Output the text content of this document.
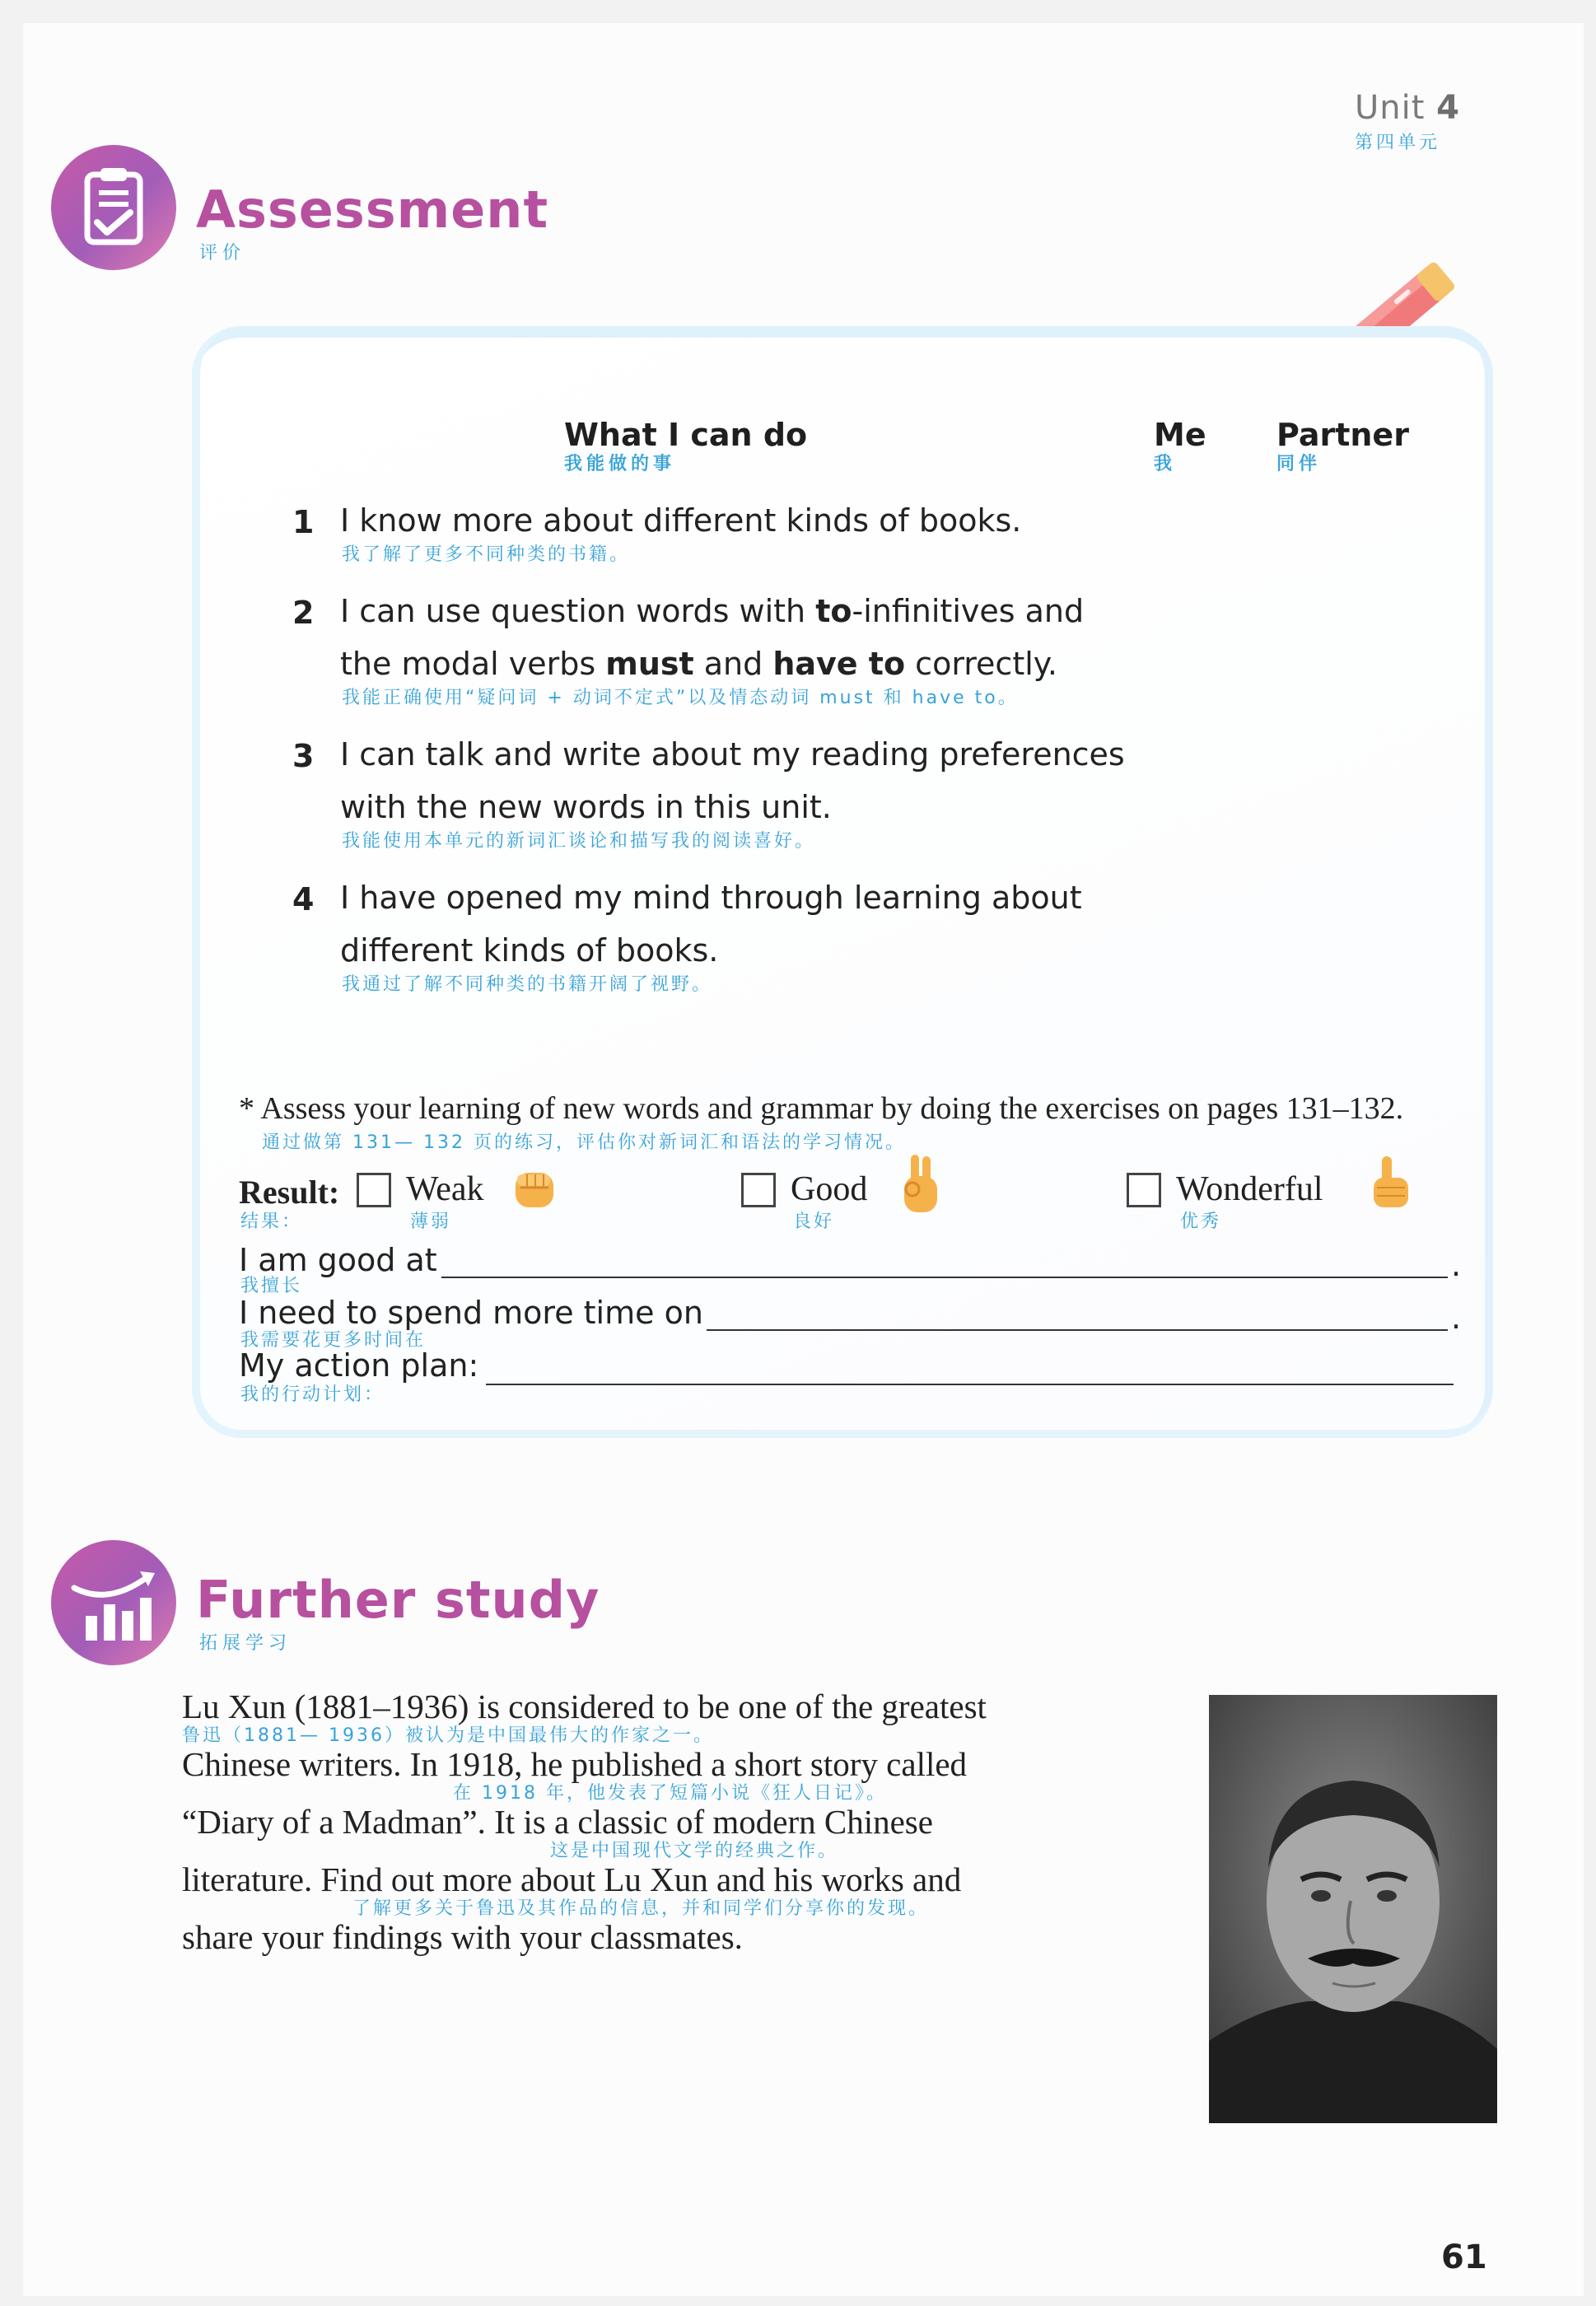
Unit 4
第四单元
Assessment
评价
What I can do
我能做的事
Me
我
Partner
同伴
1 I know more about different kinds of books.
我了解了更多不同种类的书籍。
2 I can use question words with to-infinitives and
the modal verbs must and have to correctly.
我能正确使用“疑问词 + 动词不定式”以及情态动词 must 和 have to。
3 I can talk and write about my reading preferences
with the new words in this unit.
我能使用本单元的新词汇谈论和描写我的阅读喜好。
4 I have opened my mind through learning about
different kinds of books.
我通过了解不同种类的书籍开阔了视野。
* Assess your learning of new words and grammar by doing the exercises on pages 131–132.
通过做第 131— 132 页的练习，评估你对新词汇和语法的学习情况。
Result:
结果：
Weak
薄弱
Good
良好
Wonderful
优秀
I am good at
我擅长
.
I need to spend more time on
我需要花更多时间在
.
My action plan:
我的行动计划：
Further study
拓展学习
Lu Xun (1881–1936) is considered to be one of the greatest
鲁迅（1881— 1936）被认为是中国最伟大的作家之一。
Chinese writers. In 1918, he published a short story called
在 1918 年，他发表了短篇小说《狂人日记》。
“Diary of a Madman”. It is a classic of modern Chinese
这是中国现代文学的经典之作。
literature. Find out more about Lu Xun and his works and
了解更多关于鲁迅及其作品的信息，并和同学们分享你的发现。
share your findings with your classmates.
61
